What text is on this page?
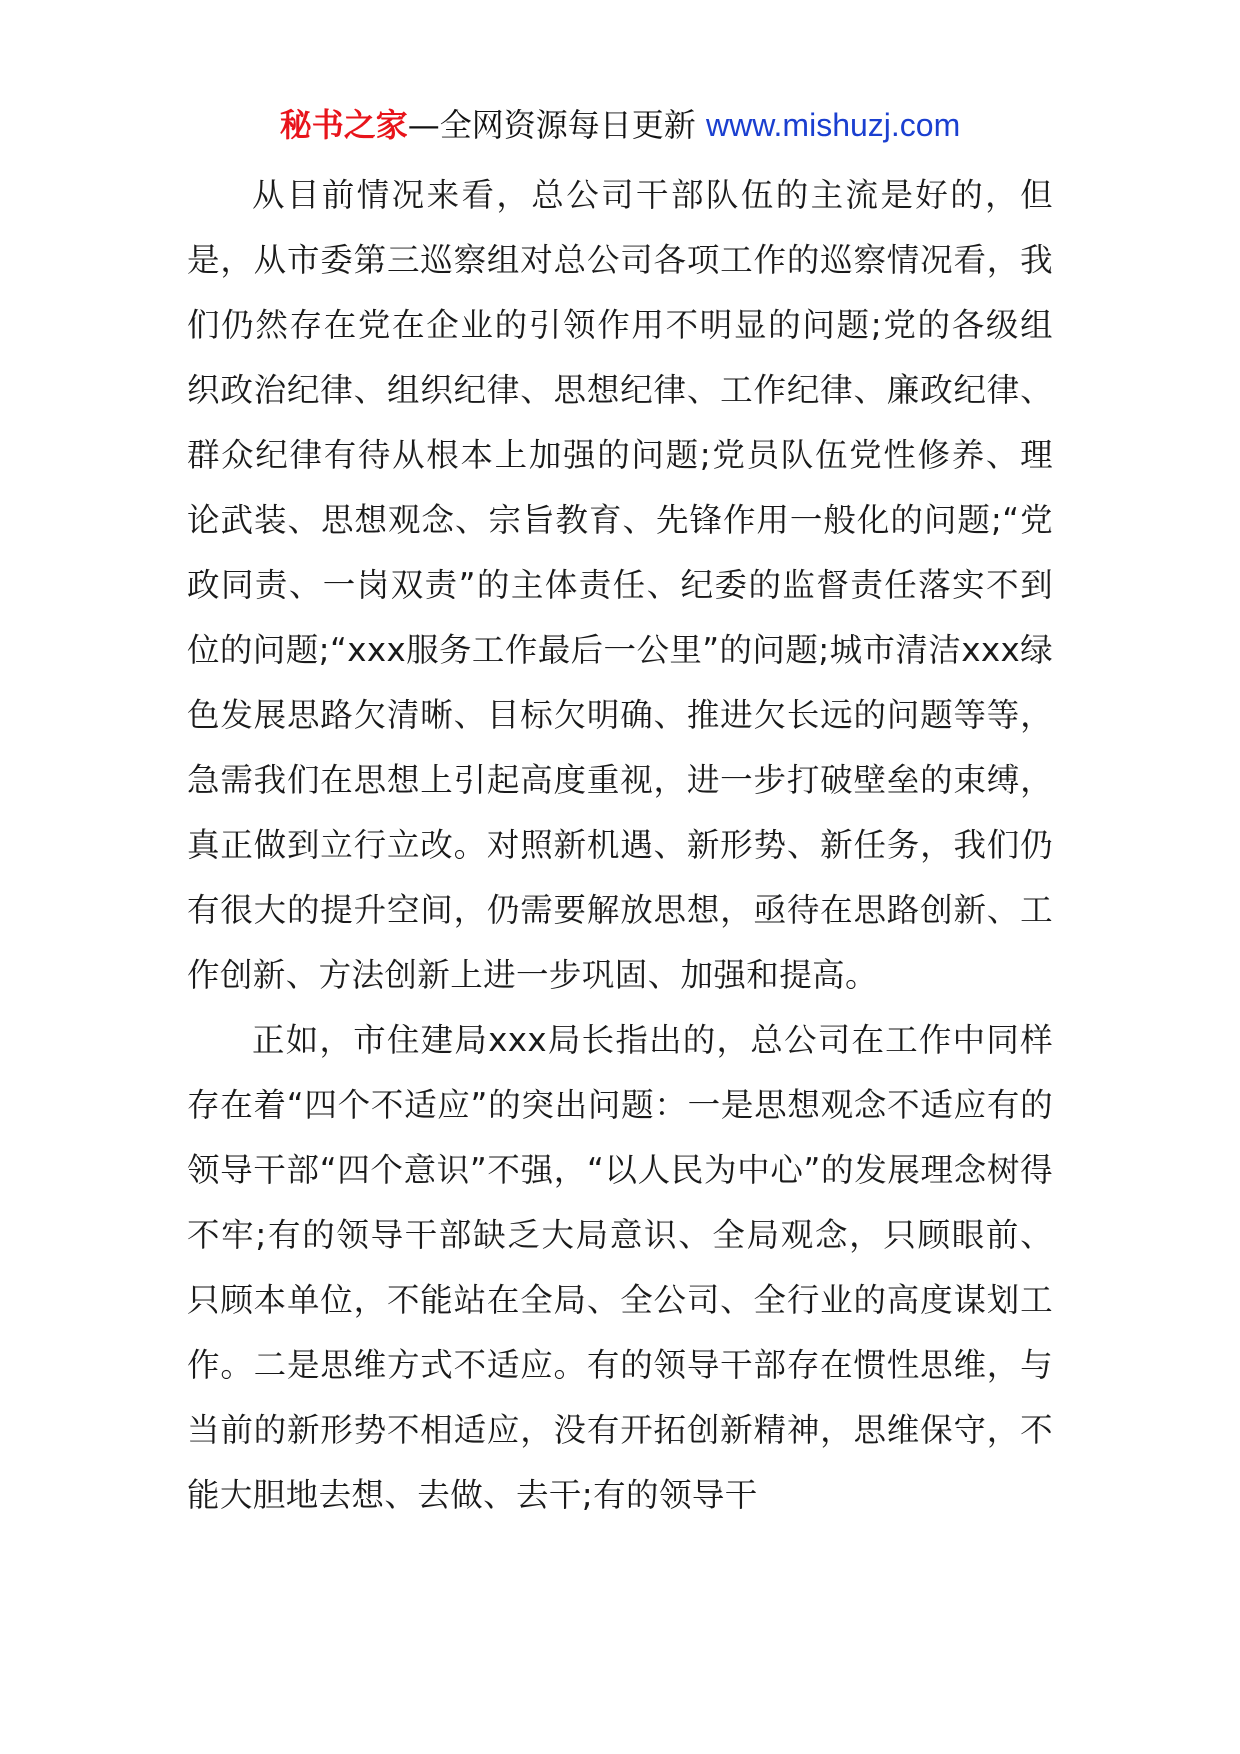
秘书之家—全网资源每日更新 www.mishuzj.com

从目前情况来看，总公司干部队伍的主流是好的，但是，从市委第三巡察组对总公司各项工作的巡察情况看，我们仍然存在党在企业的引领作用不明显的问题;党的各级组织政治纪律、组织纪律、思想纪律、工作纪律、廉政纪律、群众纪律有待从根本上加强的问题;党员队伍党性修养、理论武装、思想观念、宗旨教育、先锋作用一般化的问题;“党政同责、一岗双责”的主体责任、纪委的监督责任落实不到位的问题;“xxx服务工作最后一公里”的问题;城市清洁xxx绿色发展思路欠清晰、目标欠明确、推进欠长远的问题等等，急需我们在思想上引起高度重视，进一步打破壁垒的束缚，真正做到立行立改。对照新机遇、新形势、新任务，我们仍有很大的提升空间，仍需要解放思想，亟待在思路创新、工作创新、方法创新上进一步巩固、加强和提高。

正如，市住建局xxx局长指出的，总公司在工作中同样存在着“四个不适应”的突出问题：一是思想观念不适应有的领导干部“四个意识”不强，“以人民为中心”的发展理念树得不牢;有的领导干部缺乏大局意识、全局观念，只顾眼前、只顾本单位，不能站在全局、全公司、全行业的高度谋划工作。二是思维方式不适应。有的领导干部存在惯性思维，与当前的新形势不相适应，没有开拓创新精神，思维保守，不能大胆地去想、去做、去干;有的领导干
